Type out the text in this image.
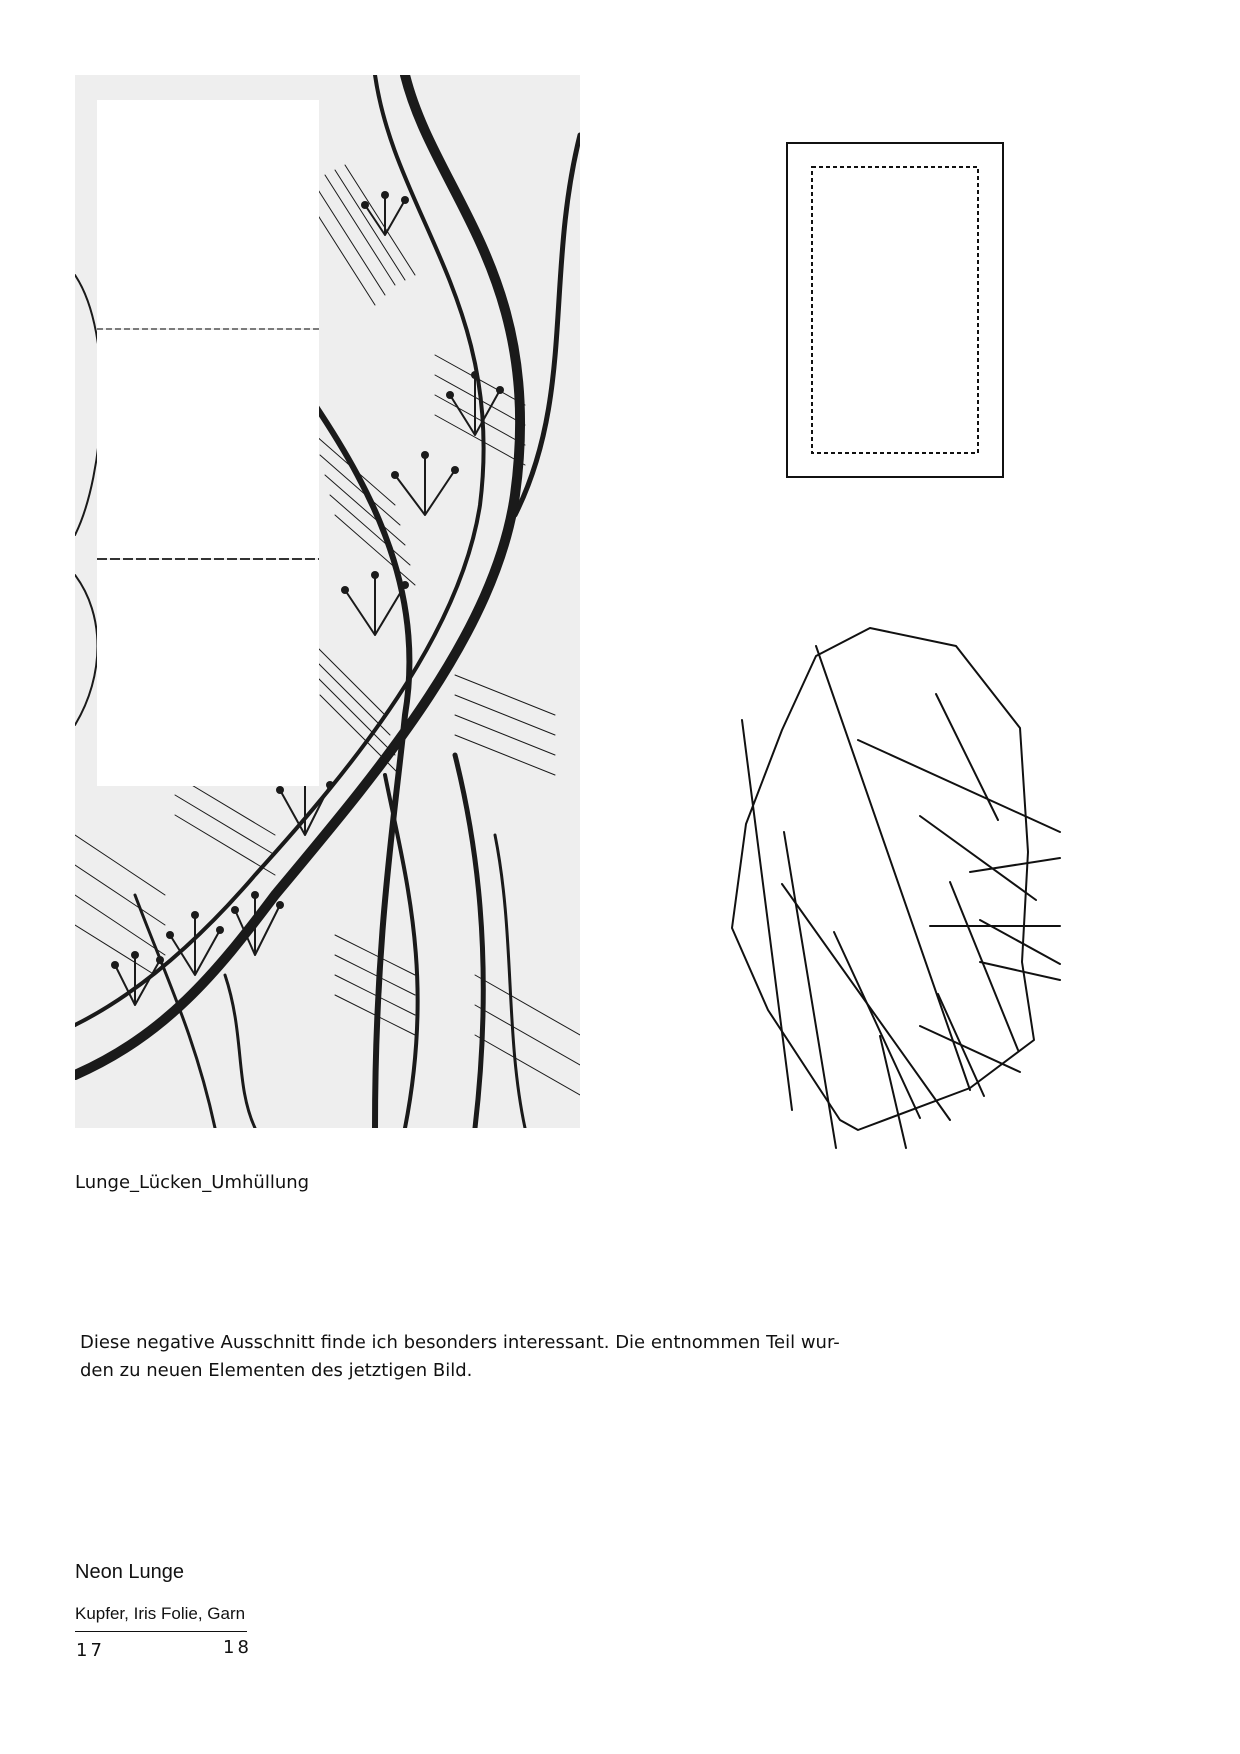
Lunge_Lücken_Umhüllung
Diese negative Ausschnitt finde ich besonders interessant. Die entnommen Teil wur-
den zu neuen Elementen des jetztigen Bild.
Neon Lunge
Kupfer, Iris Folie, Garn
17	18
